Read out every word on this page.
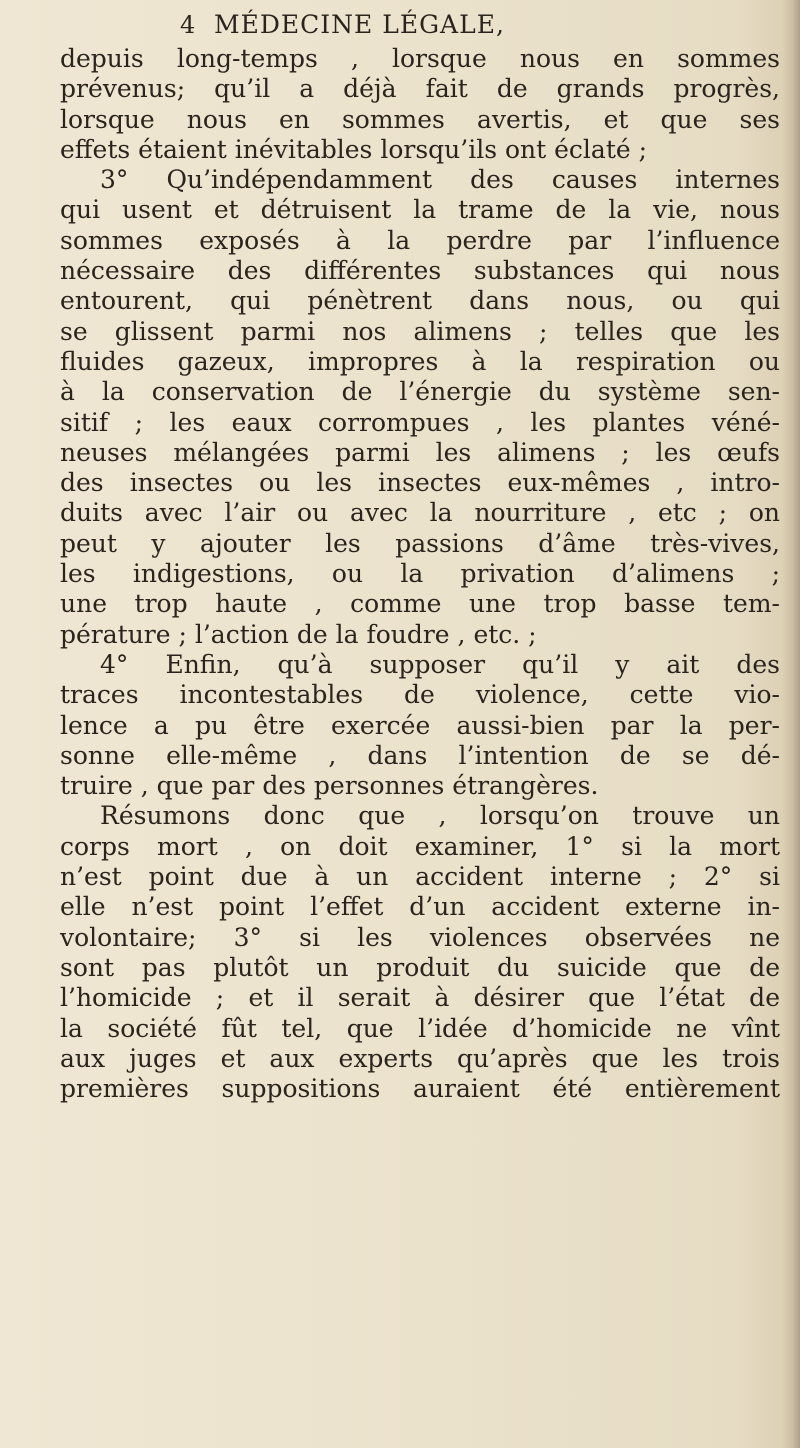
4 MÉDECINE LÉGALE,
depuis long-temps , lorsque nous en sommes
prévenus; qu’il a déjà fait de grands progrès,
lorsque nous en sommes avertis, et que ses
effets étaient inévitables lorsqu’ils ont éclaté ;
3° Qu’indépendamment des causes internes
qui usent et détruisent la trame de la vie, nous
sommes exposés à la perdre par l’influence
nécessaire des différentes substances qui nous
entourent, qui pénètrent dans nous, ou qui
se glissent parmi nos alimens ; telles que les
fluides gazeux, impropres à la respiration ou
à la conservation de l’énergie du système sen-
sitif ; les eaux corrompues , les plantes véné-
neuses mélangées parmi les alimens ; les œufs
des insectes ou les insectes eux-mêmes , intro-
duits avec l’air ou avec la nourriture , etc ; on
peut y ajouter les passions d’âme très-vives,
les indigestions, ou la privation d’alimens ;
une trop haute , comme une trop basse tem-
pérature ; l’action de la foudre , etc. ;
4° Enfin, qu’à supposer qu’il y ait des
traces incontestables de violence, cette vio-
lence a pu être exercée aussi-bien par la per-
sonne elle-même , dans l’intention de se dé-
truire , que par des personnes étrangères.
Résumons donc que , lorsqu’on trouve un
corps mort , on doit examiner, 1° si la mort
n’est point due à un accident interne ; 2° si
elle n’est point l’effet d’un accident externe in-
volontaire; 3° si les violences observées ne
sont pas plutôt un produit du suicide que de
l’homicide ; et il serait à désirer que l’état de
la société fût tel, que l’idée d’homicide ne vînt
aux juges et aux experts qu’après que les trois
premières suppositions auraient été entièrement
